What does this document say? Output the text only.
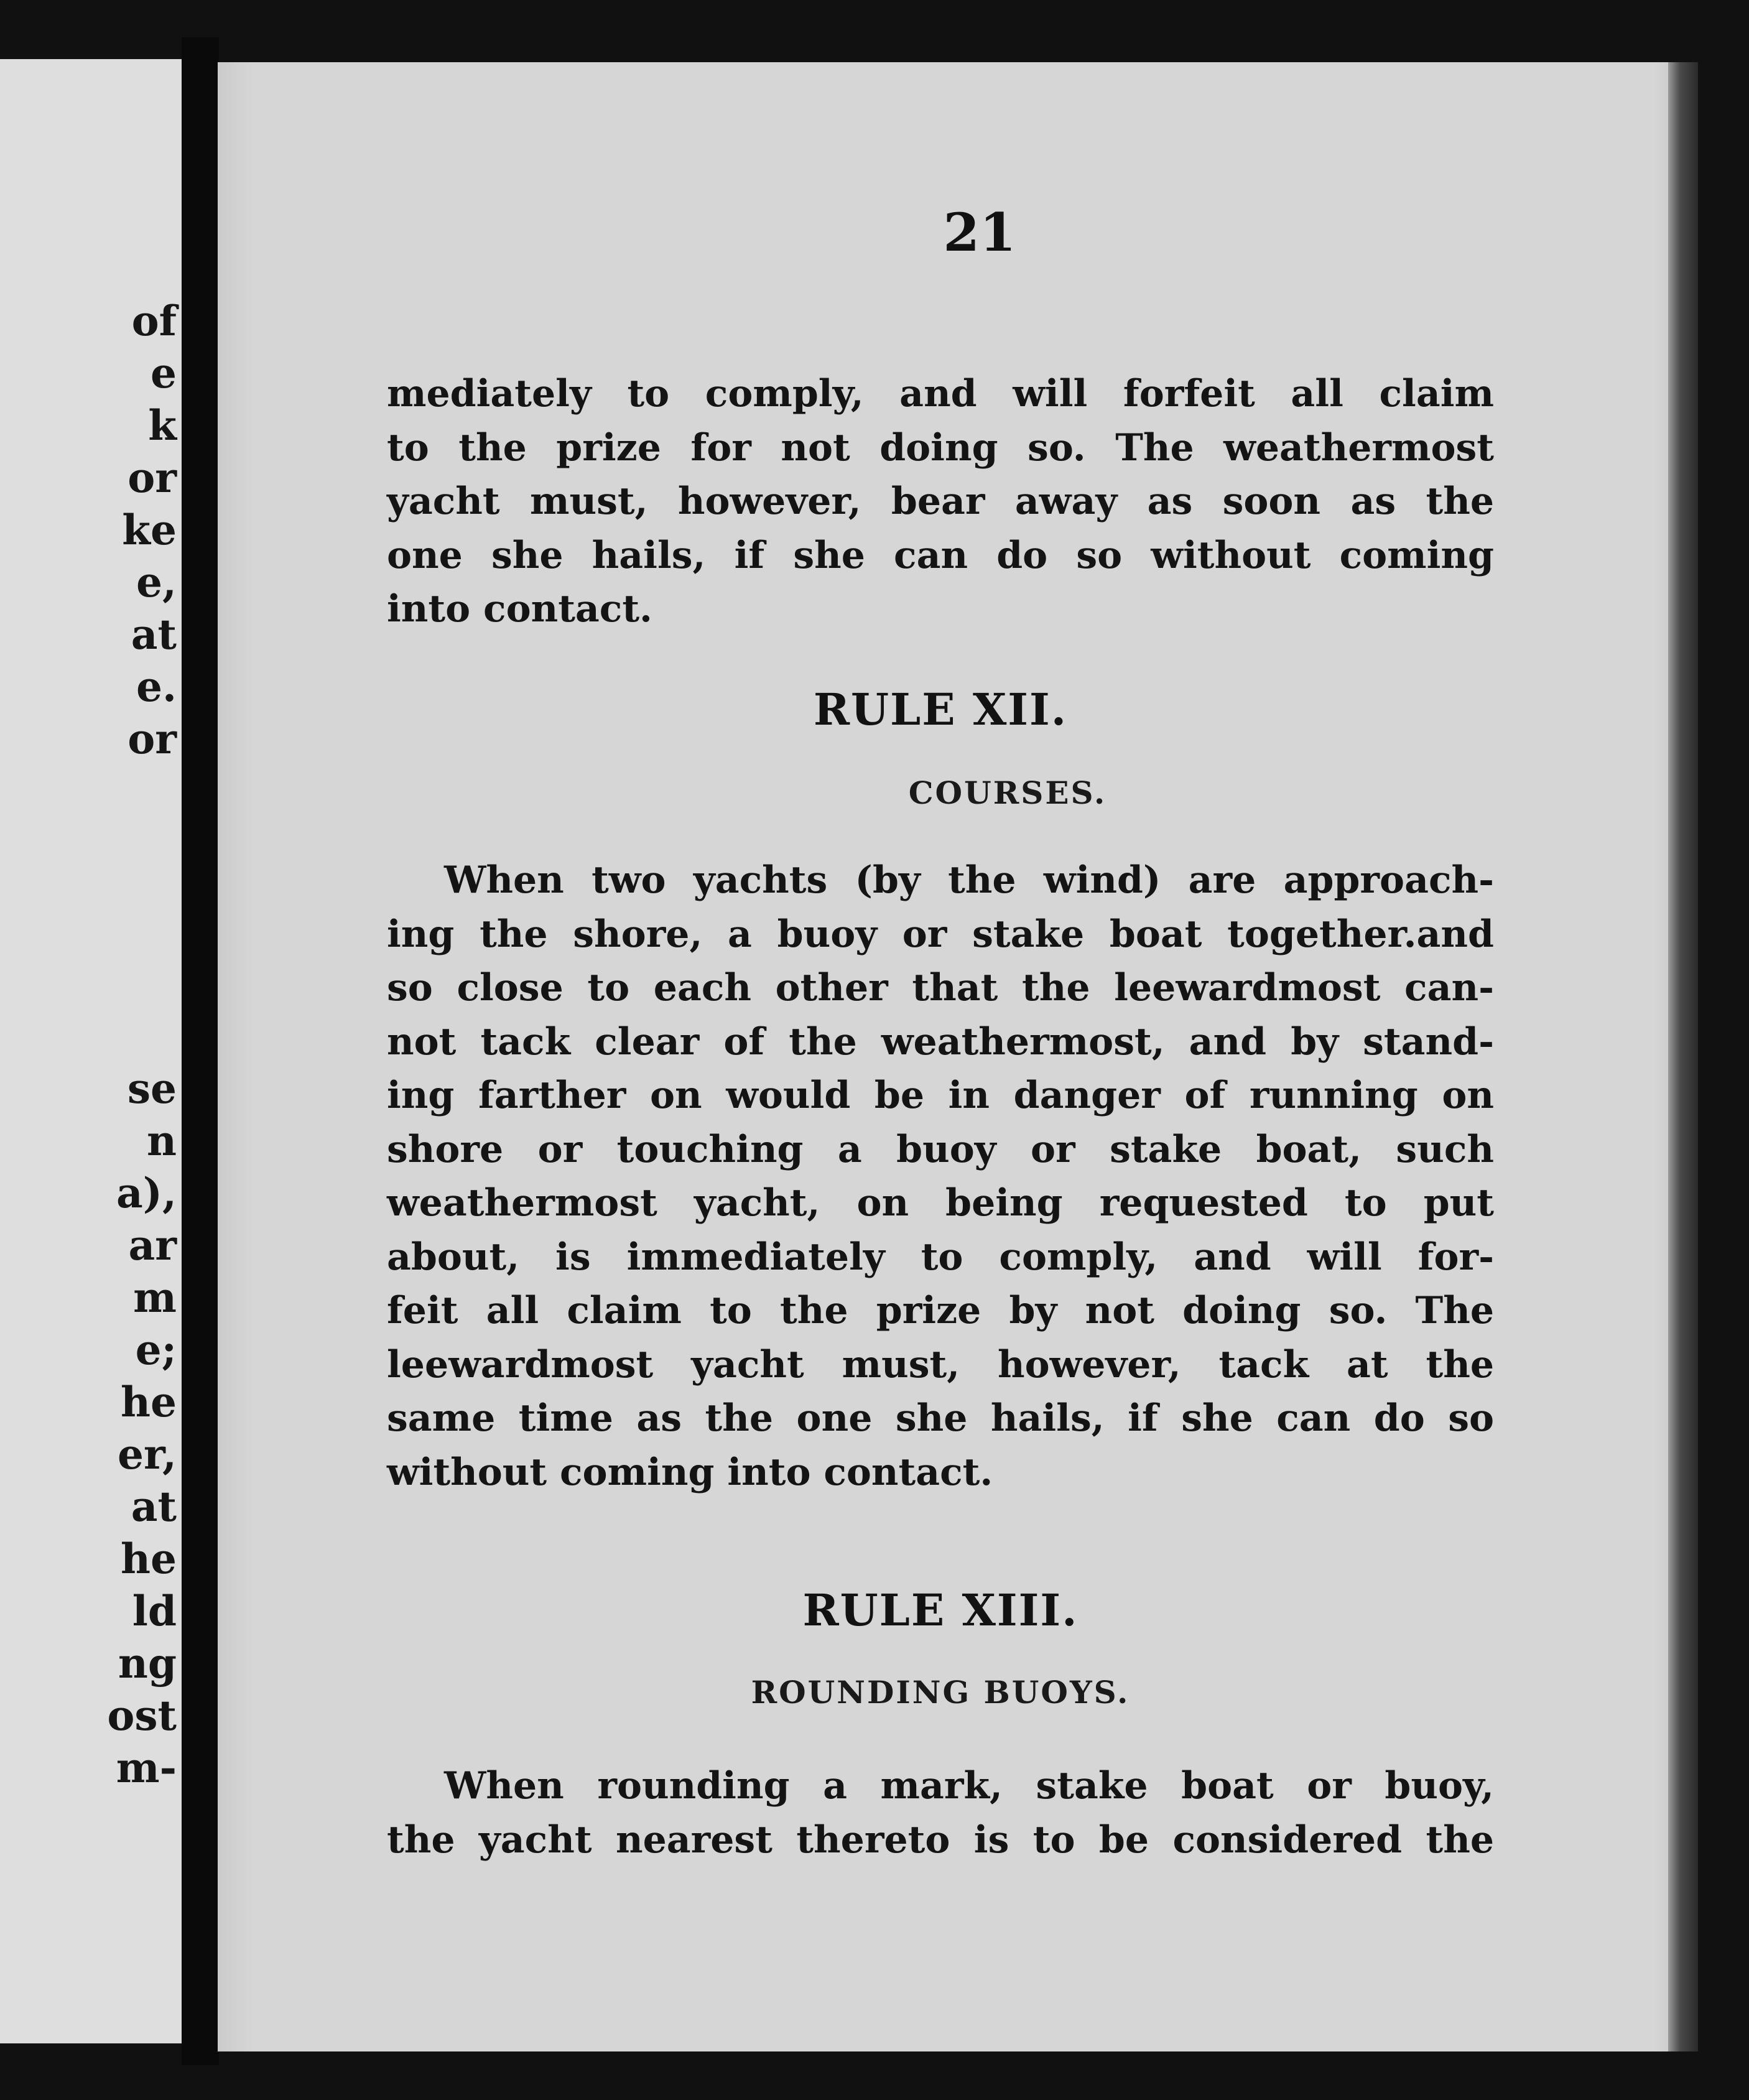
of
e
k
or
ke
e,
at
e.
or
se
n
a),
ar
m
e;
he
er,
at
he
ld
ng
ost
m-
21
mediately to comply, and will forfeit all claim
to the prize for not doing so. The weathermost
yacht must, however, bear away as soon as the
one she hails, if she can do so without coming
into contact.
RULE XII.
COURSES.
When two yachts (by the wind) are approach-
ing the shore, a buoy or stake boat together.and
so close to each other that the leewardmost can-
not tack clear of the weathermost, and by stand-
ing farther on would be in danger of running on
shore or touching a buoy or stake boat, such
weathermost yacht, on being requested to put
about, is immediately to comply, and will for-
feit all claim to the prize by not doing so. The
leewardmost yacht must, however, tack at the
same time as the one she hails, if she can do so
without coming into contact.
RULE XIII.
ROUNDING BUOYS.
When rounding a mark, stake boat or buoy,
the yacht nearest thereto is to be considered the
